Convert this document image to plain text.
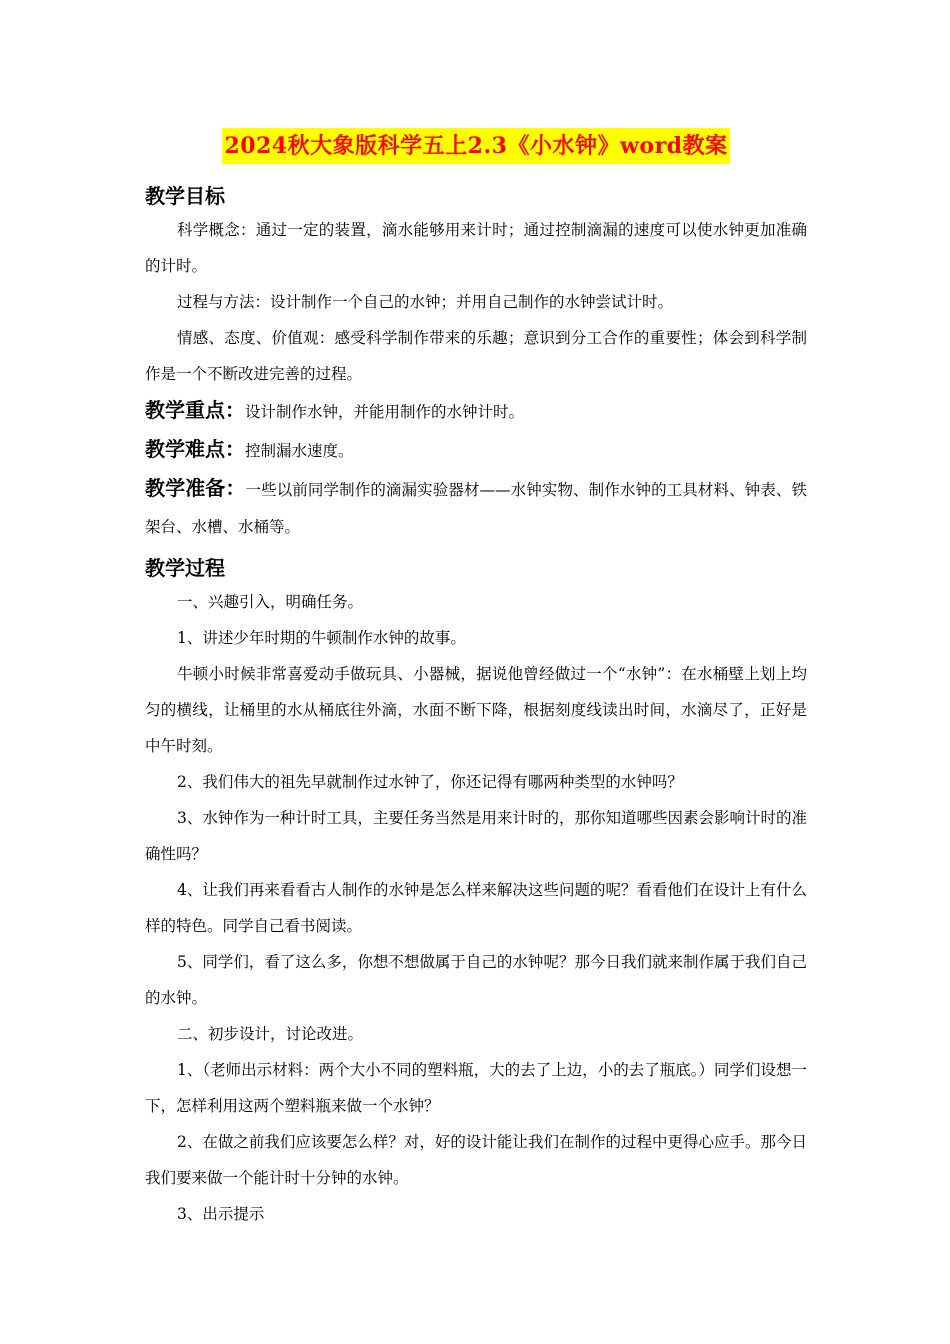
2024秋大象版科学五上2.3《小水钟》word教案
教学目标

科学概念：通过一定的装置，滴水能够用来计时；通过控制滴漏的速度可以使水钟更加准确的计时。

过程与方法：设计制作一个自己的水钟；并用自己制作的水钟尝试计时。

情感、态度、价值观：感受科学制作带来的乐趣；意识到分工合作的重要性；体会到科学制作是一个不断改进完善的过程。

教学重点：设计制作水钟，并能用制作的水钟计时。

教学难点：控制漏水速度。

教学准备：一些以前同学制作的滴漏实验器材——水钟实物、制作水钟的工具材料、钟表、铁架台、水槽、水桶等。

教学过程

一、兴趣引入，明确任务。

1、讲述少年时期的牛顿制作水钟的故事。

牛顿小时候非常喜爱动手做玩具、小器械，据说他曾经做过一个“水钟”：在水桶壁上划上均匀的横线，让桶里的水从桶底往外滴，水面不断下降，根据刻度线读出时间，水滴尽了，正好是中午时刻。

2、我们伟大的祖先早就制作过水钟了，你还记得有哪两种类型的水钟吗？

3、水钟作为一种计时工具，主要任务当然是用来计时的，那你知道哪些因素会影响计时的准确性吗？

4、让我们再来看看古人制作的水钟是怎么样来解决这些问题的呢？看看他们在设计上有什么样的特色。同学自己看书阅读。

5、同学们，看了这么多，你想不想做属于自己的水钟呢？那今日我们就来制作属于我们自己的水钟。

二、初步设计，讨论改进。

1、（老师出示材料：两个大小不同的塑料瓶，大的去了上边，小的去了瓶底。）同学们设想一下，怎样利用这两个塑料瓶来做一个水钟？

2、在做之前我们应该要怎么样？对，好的设计能让我们在制作的过程中更得心应手。那今日我们要来做一个能计时十分钟的水钟。

3、出示提示
